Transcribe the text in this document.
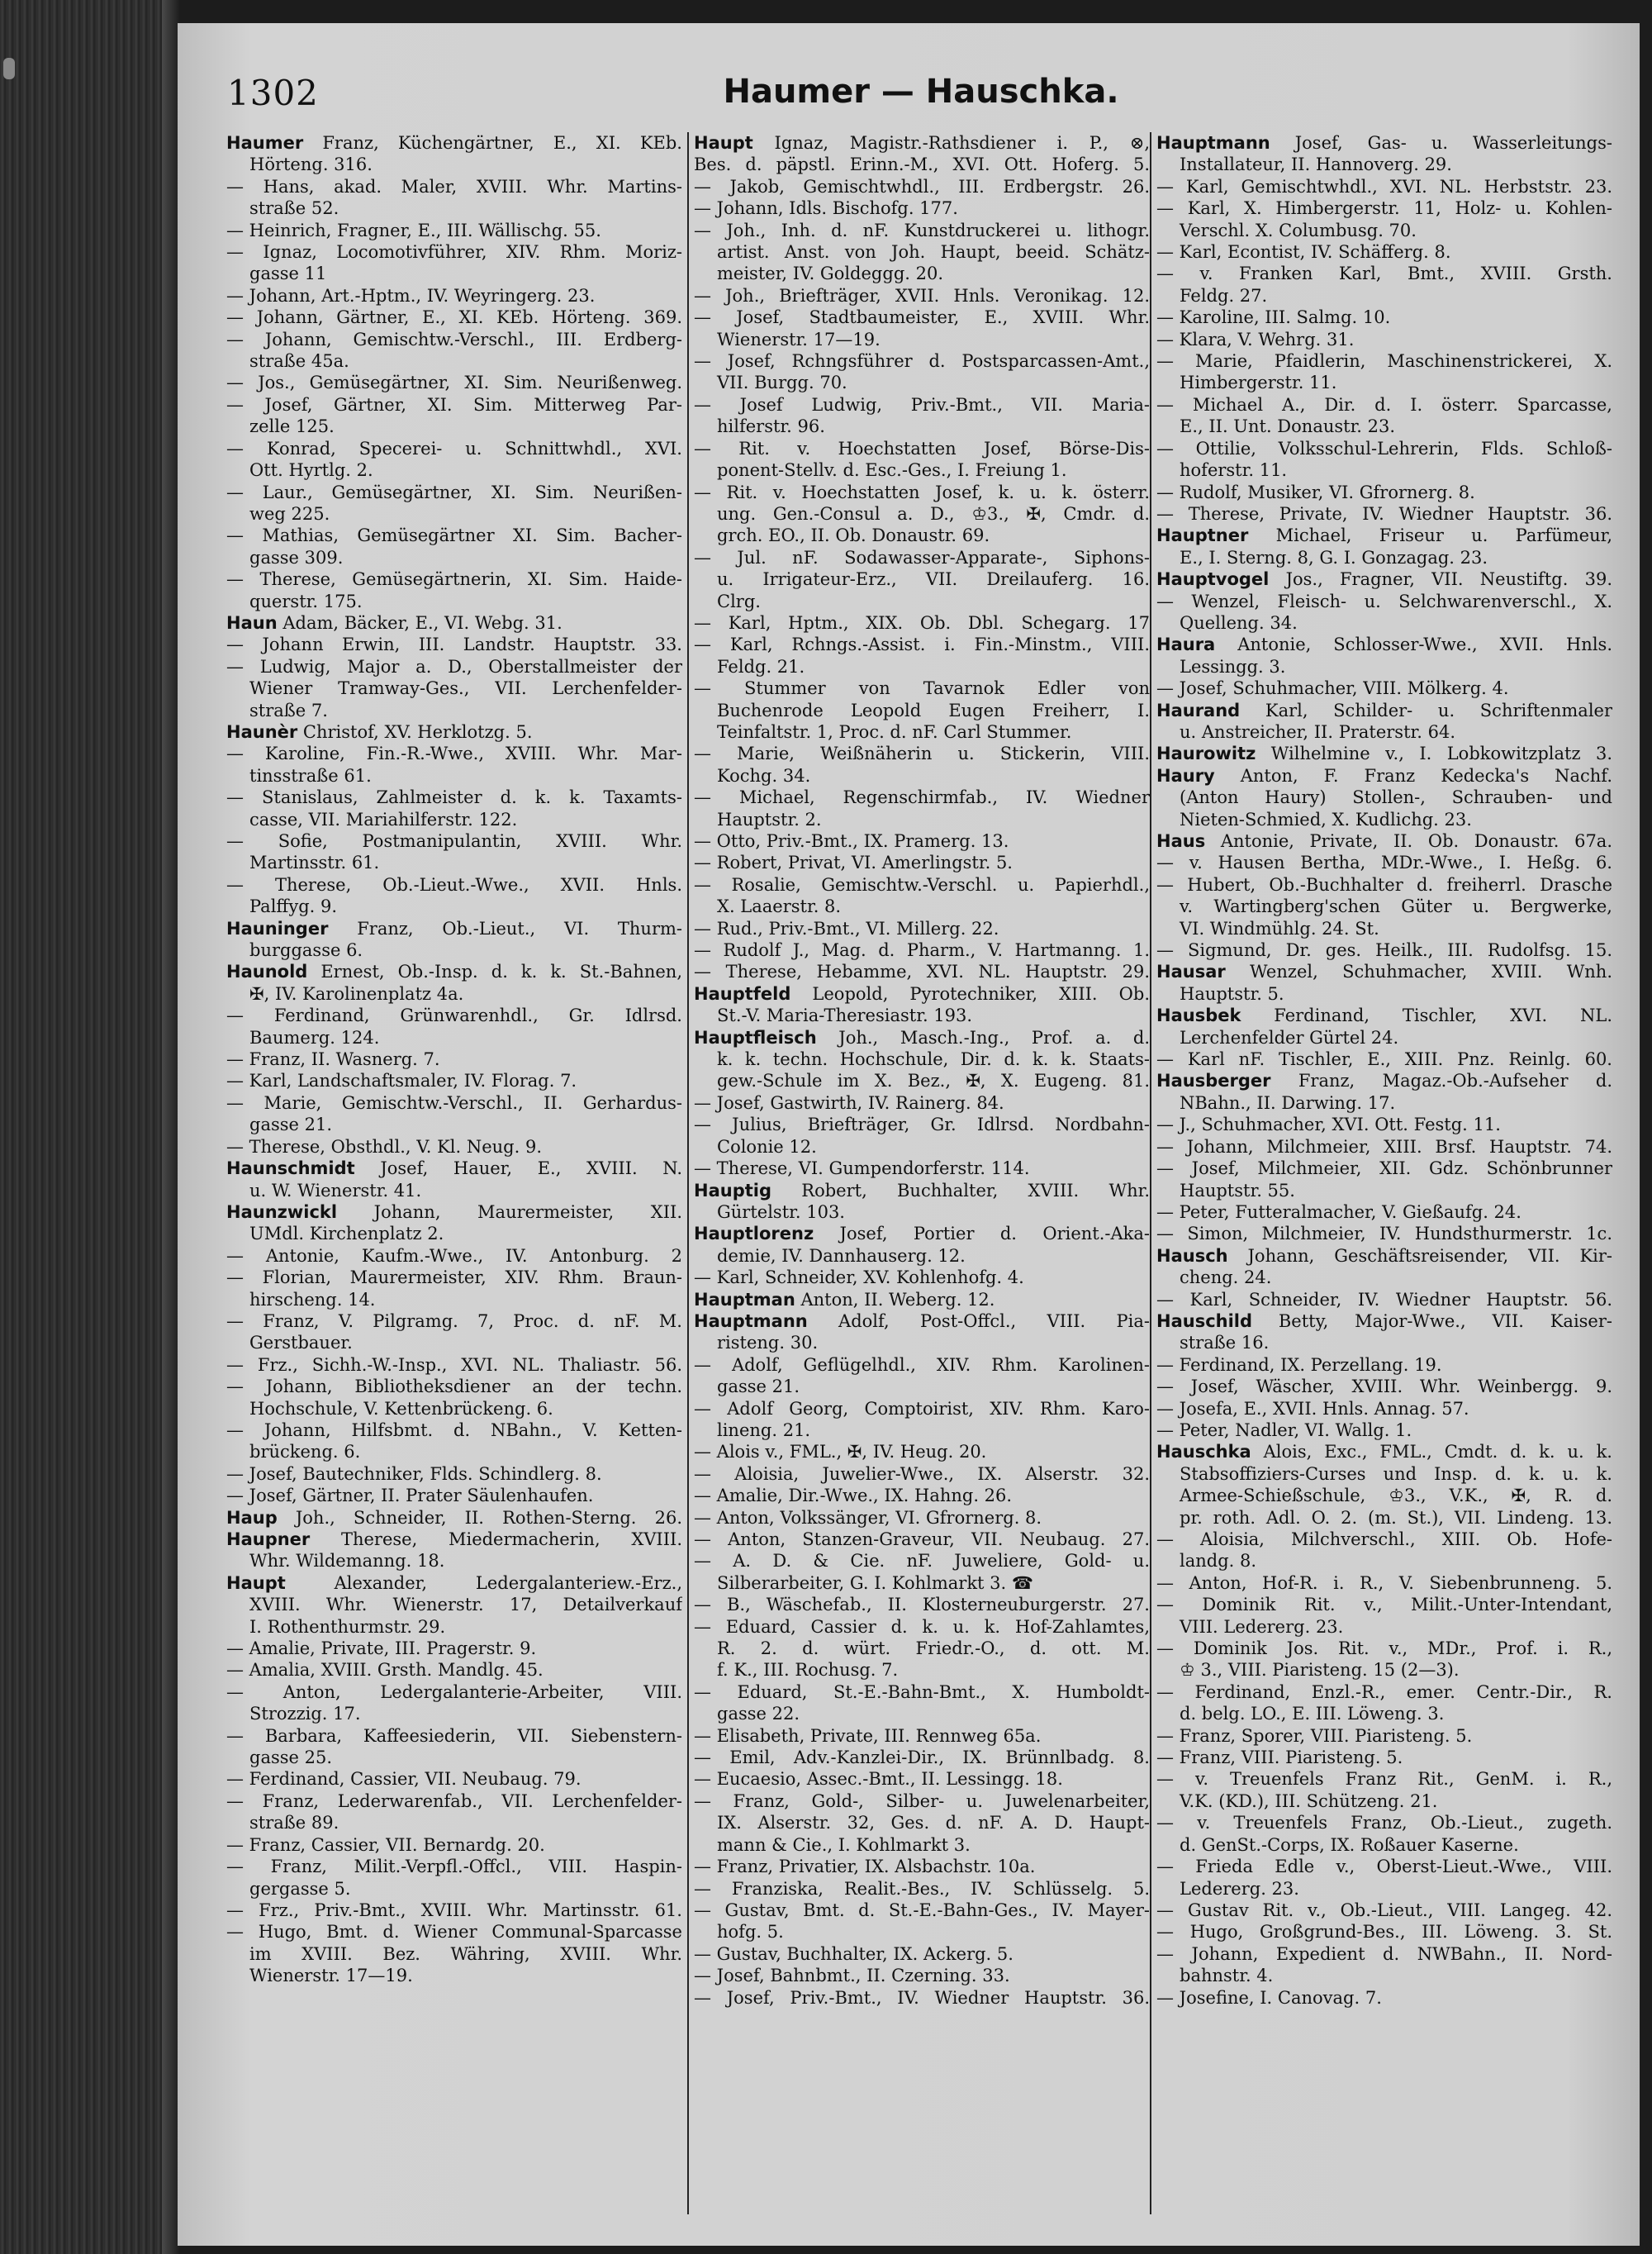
1302	Haumer — Hauschka.
Haumer Franz, Küchengärtner, E., XI. KEb.
Hörteng. 316.
— Hans, akad. Maler, XVIII. Whr. Martins-
straße 52.
— Heinrich, Fragner, E., III. Wällischg. 55.
— Ignaz, Locomotivführer, XIV. Rhm. Moriz-
gasse 11
— Johann, Art.-Hptm., IV. Weyringerg. 23.
— Johann, Gärtner, E., XI. KEb. Hörteng. 369.
— Johann, Gemischtw.-Verschl., III. Erdberg-
straße 45a.
— Jos., Gemüsegärtner, XI. Sim. Neurißenweg.
— Josef, Gärtner, XI. Sim. Mitterweg Par-
zelle 125.
— Konrad, Specerei- u. Schnittwhdl., XVI.
Ott. Hyrtlg. 2.
— Laur., Gemüsegärtner, XI. Sim. Neurißen-
weg 225.
— Mathias, Gemüsegärtner XI. Sim. Bacher-
gasse 309.
— Therese, Gemüsegärtnerin, XI. Sim. Haide-
querstr. 175.
Haun Adam, Bäcker, E., VI. Webg. 31.
— Johann Erwin, III. Landstr. Hauptstr. 33.
— Ludwig, Major a. D., Oberstallmeister der
Wiener Tramway-Ges., VII. Lerchenfelder-
straße 7.
Haunèr Christof, XV. Herklotzg. 5.
— Karoline, Fin.-R.-Wwe., XVIII. Whr. Mar-
tinsstraße 61.
— Stanislaus, Zahlmeister d. k. k. Taxamts-
casse, VII. Mariahilferstr. 122.
— Sofie, Postmanipulantin, XVIII. Whr.
Martinsstr. 61.
— Therese, Ob.-Lieut.-Wwe., XVII. Hnls.
Palffyg. 9.
Hauninger Franz, Ob.-Lieut., VI. Thurm-
burggasse 6.
Haunold Ernest, Ob.-Insp. d. k. k. St.-Bahnen,
✠, IV. Karolinenplatz 4a.
— Ferdinand, Grünwarenhdl., Gr. Idlrsd.
Baumerg. 124.
— Franz, II. Wasnerg. 7.
— Karl, Landschaftsmaler, IV. Florag. 7.
— Marie, Gemischtw.-Verschl., II. Gerhardus-
gasse 21.
— Therese, Obsthdl., V. Kl. Neug. 9.
Haunschmidt Josef, Hauer, E., XVIII. N.
u. W. Wienerstr. 41.
Haunzwickl Johann, Maurermeister, XII.
UMdl. Kirchenplatz 2.
— Antonie, Kaufm.-Wwe., IV. Antonburg. 2
— Florian, Maurermeister, XIV. Rhm. Braun-
hirscheng. 14.
— Franz, V. Pilgramg. 7, Proc. d. nF. M.
Gerstbauer.
— Frz., Sichh.-W.-Insp., XVI. NL. Thaliastr. 56.
— Johann, Bibliotheksdiener an der techn.
Hochschule, V. Kettenbrückeng. 6.
— Johann, Hilfsbmt. d. NBahn., V. Ketten-
brückeng. 6.
— Josef, Bautechniker, Flds. Schindlerg. 8.
— Josef, Gärtner, II. Prater Säulenhaufen.
Haup Joh., Schneider, II. Rothen-Sterng. 26.
Haupner Therese, Miedermacherin, XVIII.
Whr. Wildemanng. 18.
Haupt Alexander, Ledergalanteriew.-Erz.,
XVIII. Whr. Wienerstr. 17, Detailverkauf
I. Rothenthurmstr. 29.
— Amalie, Private, III. Pragerstr. 9.
— Amalia, XVIII. Grsth. Mandlg. 45.
— Anton, Ledergalanterie-Arbeiter, VIII.
Strozzig. 17.
— Barbara, Kaffeesiederin, VII. Siebenstern-
gasse 25.
— Ferdinand, Cassier, VII. Neubaug. 79.
— Franz, Lederwarenfab., VII. Lerchenfelder-
straße 89.
— Franz, Cassier, VII. Bernardg. 20.
— Franz, Milit.-Verpfl.-Offcl., VIII. Haspin-
gergasse 5.
— Frz., Priv.-Bmt., XVIII. Whr. Martinsstr. 61.
— Hugo, Bmt. d. Wiener Communal-Sparcasse
im XVIII. Bez. Währing, XVIII. Whr.
Wienerstr. 17—19.
Haupt Ignaz, Magistr.-Rathsdiener i. P., ⊗,
Bes. d. päpstl. Erinn.-M., XVI. Ott. Hoferg. 5.
— Jakob, Gemischtwhdl., III. Erdbergstr. 26.
— Johann, Idls. Bischofg. 177.
— Joh., Inh. d. nF. Kunstdruckerei u. lithogr.
artist. Anst. von Joh. Haupt, beeid. Schätz-
meister, IV. Goldeggg. 20.
— Joh., Briefträger, XVII. Hnls. Veronikag. 12.
— Josef, Stadtbaumeister, E., XVIII. Whr.
Wienerstr. 17—19.
— Josef, Rchngsführer d. Postsparcassen-Amt.,
VII. Burgg. 70.
— Josef Ludwig, Priv.-Bmt., VII. Maria-
hilferstr. 96.
— Rit. v. Hoechstatten Josef, Börse-Dis-
ponent-Stellv. d. Esc.-Ges., I. Freiung 1.
— Rit. v. Hoechstatten Josef, k. u. k. österr.
ung. Gen.-Consul a. D., ♔3., ✠, Cmdr. d.
grch. EO., II. Ob. Donaustr. 69.
— Jul. nF. Sodawasser-Apparate-, Siphons-
u. Irrigateur-Erz., VII. Dreilauferg. 16.
Clrg.
— Karl, Hptm., XIX. Ob. Dbl. Schegarg. 17
— Karl, Rchngs.-Assist. i. Fin.-Minstm., VIII.
Feldg. 21.
— Stummer von Tavarnok Edler von
Buchenrode Leopold Eugen Freiherr, I.
Teinfaltstr. 1, Proc. d. nF. Carl Stummer.
— Marie, Weißnäherin u. Stickerin, VIII.
Kochg. 34.
— Michael, Regenschirmfab., IV. Wiedner
Hauptstr. 2.
— Otto, Priv.-Bmt., IX. Pramerg. 13.
— Robert, Privat, VI. Amerlingstr. 5.
— Rosalie, Gemischtw.-Verschl. u. Papierhdl.,
X. Laaerstr. 8.
— Rud., Priv.-Bmt., VI. Millerg. 22.
— Rudolf J., Mag. d. Pharm., V. Hartmanng. 1.
— Therese, Hebamme, XVI. NL. Hauptstr. 29.
Hauptfeld Leopold, Pyrotechniker, XIII. Ob.
St.-V. Maria-Theresiastr. 193.
Hauptfleisch Joh., Masch.-Ing., Prof. a. d.
k. k. techn. Hochschule, Dir. d. k. k. Staats-
gew.-Schule im X. Bez., ✠, X. Eugeng. 81.
— Josef, Gastwirth, IV. Rainerg. 84.
— Julius, Briefträger, Gr. Idlrsd. Nordbahn-
Colonie 12.
— Therese, VI. Gumpendorferstr. 114.
Hauptig Robert, Buchhalter, XVIII. Whr.
Gürtelstr. 103.
Hauptlorenz Josef, Portier d. Orient.-Aka-
demie, IV. Dannhauserg. 12.
— Karl, Schneider, XV. Kohlenhofg. 4.
Hauptman Anton, II. Weberg. 12.
Hauptmann Adolf, Post-Offcl., VIII. Pia-
risteng. 30.
— Adolf, Geflügelhdl., XIV. Rhm. Karolinen-
gasse 21.
— Adolf Georg, Comptoirist, XIV. Rhm. Karo-
lineng. 21.
— Alois v., FML., ✠, IV. Heug. 20.
— Aloisia, Juwelier-Wwe., IX. Alserstr. 32.
— Amalie, Dir.-Wwe., IX. Hahng. 26.
— Anton, Volkssänger, VI. Gfrornerg. 8.
— Anton, Stanzen-Graveur, VII. Neubaug. 27.
— A. D. & Cie. nF. Juweliere, Gold- u.
Silberarbeiter, G. I. Kohlmarkt 3. ☎
— B., Wäschefab., II. Klosterneuburgerstr. 27.
— Eduard, Cassier d. k. u. k. Hof-Zahlamtes,
R. 2. d. würt. Friedr.-O., d. ott. M.
f. K., III. Rochusg. 7.
— Eduard, St.-E.-Bahn-Bmt., X. Humboldt-
gasse 22.
— Elisabeth, Private, III. Rennweg 65a.
— Emil, Adv.-Kanzlei-Dir., IX. Brünnlbadg. 8.
— Eucaesio, Assec.-Bmt., II. Lessingg. 18.
— Franz, Gold-, Silber- u. Juwelenarbeiter,
IX. Alserstr. 32, Ges. d. nF. A. D. Haupt-
mann & Cie., I. Kohlmarkt 3.
— Franz, Privatier, IX. Alsbachstr. 10a.
— Franziska, Realit.-Bes., IV. Schlüsselg. 5.
— Gustav, Bmt. d. St.-E.-Bahn-Ges., IV. Mayer-
hofg. 5.
— Gustav, Buchhalter, IX. Ackerg. 5.
— Josef, Bahnbmt., II. Czerning. 33.
— Josef, Priv.-Bmt., IV. Wiedner Hauptstr. 36.
Hauptmann Josef, Gas- u. Wasserleitungs-
Installateur, II. Hannoverg. 29.
— Karl, Gemischtwhdl., XVI. NL. Herbststr. 23.
— Karl, X. Himbergerstr. 11, Holz- u. Kohlen-
Verschl. X. Columbusg. 70.
— Karl, Econtist, IV. Schäfferg. 8.
— v. Franken Karl, Bmt., XVIII. Grsth.
Feldg. 27.
— Karoline, III. Salmg. 10.
— Klara, V. Wehrg. 31.
— Marie, Pfaidlerin, Maschinenstrickerei, X.
Himbergerstr. 11.
— Michael A., Dir. d. I. österr. Sparcasse,
E., II. Unt. Donaustr. 23.
— Ottilie, Volksschul-Lehrerin, Flds. Schloß-
hoferstr. 11.
— Rudolf, Musiker, VI. Gfrornerg. 8.
— Therese, Private, IV. Wiedner Hauptstr. 36.
Hauptner Michael, Friseur u. Parfümeur,
E., I. Sterng. 8, G. I. Gonzagag. 23.
Hauptvogel Jos., Fragner, VII. Neustiftg. 39.
— Wenzel, Fleisch- u. Selchwarenverschl., X.
Quelleng. 34.
Haura Antonie, Schlosser-Wwe., XVII. Hnls.
Lessingg. 3.
— Josef, Schuhmacher, VIII. Mölkerg. 4.
Haurand Karl, Schilder- u. Schriftenmaler
u. Anstreicher, II. Praterstr. 64.
Haurowitz Wilhelmine v., I. Lobkowitzplatz 3.
Haury Anton, F. Franz Kedecka's Nachf.
(Anton Haury) Stollen-, Schrauben- und
Nieten-Schmied, X. Kudlichg. 23.
Haus Antonie, Private, II. Ob. Donaustr. 67a.
— v. Hausen Bertha, MDr.-Wwe., I. Heßg. 6.
— Hubert, Ob.-Buchhalter d. freiherrl. Drasche
v. Wartingberg'schen Güter u. Bergwerke,
VI. Windmühlg. 24. St.
— Sigmund, Dr. ges. Heilk., III. Rudolfsg. 15.
Hausar Wenzel, Schuhmacher, XVIII. Wnh.
Hauptstr. 5.
Hausbek Ferdinand, Tischler, XVI. NL.
Lerchenfelder Gürtel 24.
— Karl nF. Tischler, E., XIII. Pnz. Reinlg. 60.
Hausberger Franz, Magaz.-Ob.-Aufseher d.
NBahn., II. Darwing. 17.
— J., Schuhmacher, XVI. Ott. Festg. 11.
— Johann, Milchmeier, XIII. Brsf. Hauptstr. 74.
— Josef, Milchmeier, XII. Gdz. Schönbrunner
Hauptstr. 55.
— Peter, Futteralmacher, V. Gießaufg. 24.
— Simon, Milchmeier, IV. Hundsthurmerstr. 1c.
Hausch Johann, Geschäftsreisender, VII. Kir-
cheng. 24.
— Karl, Schneider, IV. Wiedner Hauptstr. 56.
Hauschild Betty, Major-Wwe., VII. Kaiser-
straße 16.
— Ferdinand, IX. Perzellang. 19.
— Josef, Wäscher, XVIII. Whr. Weinbergg. 9.
— Josefa, E., XVII. Hnls. Annag. 57.
— Peter, Nadler, VI. Wallg. 1.
Hauschka Alois, Exc., FML., Cmdt. d. k. u. k.
Stabsoffiziers-Curses und Insp. d. k. u. k.
Armee-Schießschule, ♔3., V.K., ✠, R. d.
pr. roth. Adl. O. 2. (m. St.), VII. Lindeng. 13.
— Aloisia, Milchverschl., XIII. Ob. Hofe-
landg. 8.
— Anton, Hof-R. i. R., V. Siebenbrunneng. 5.
— Dominik Rit. v., Milit.-Unter-Intendant,
VIII. Ledererg. 23.
— Dominik Jos. Rit. v., MDr., Prof. i. R.,
♔ 3., VIII. Piaristeng. 15 (2—3).
— Ferdinand, Enzl.-R., emer. Centr.-Dir., R.
d. belg. LO., E. III. Löweng. 3.
— Franz, Sporer, VIII. Piaristeng. 5.
— Franz, VIII. Piaristeng. 5.
— v. Treuenfels Franz Rit., GenM. i. R.,
V.K. (KD.), III. Schützeng. 21.
— v. Treuenfels Franz, Ob.-Lieut., zugeth.
d. GenSt.-Corps, IX. Roßauer Kaserne.
— Frieda Edle v., Oberst-Lieut.-Wwe., VIII.
Ledererg. 23.
— Gustav Rit. v., Ob.-Lieut., VIII. Langeg. 42.
— Hugo, Großgrund-Bes., III. Löweng. 3. St.
— Johann, Expedient d. NWBahn., II. Nord-
bahnstr. 4.
— Josefine, I. Canovag. 7.
